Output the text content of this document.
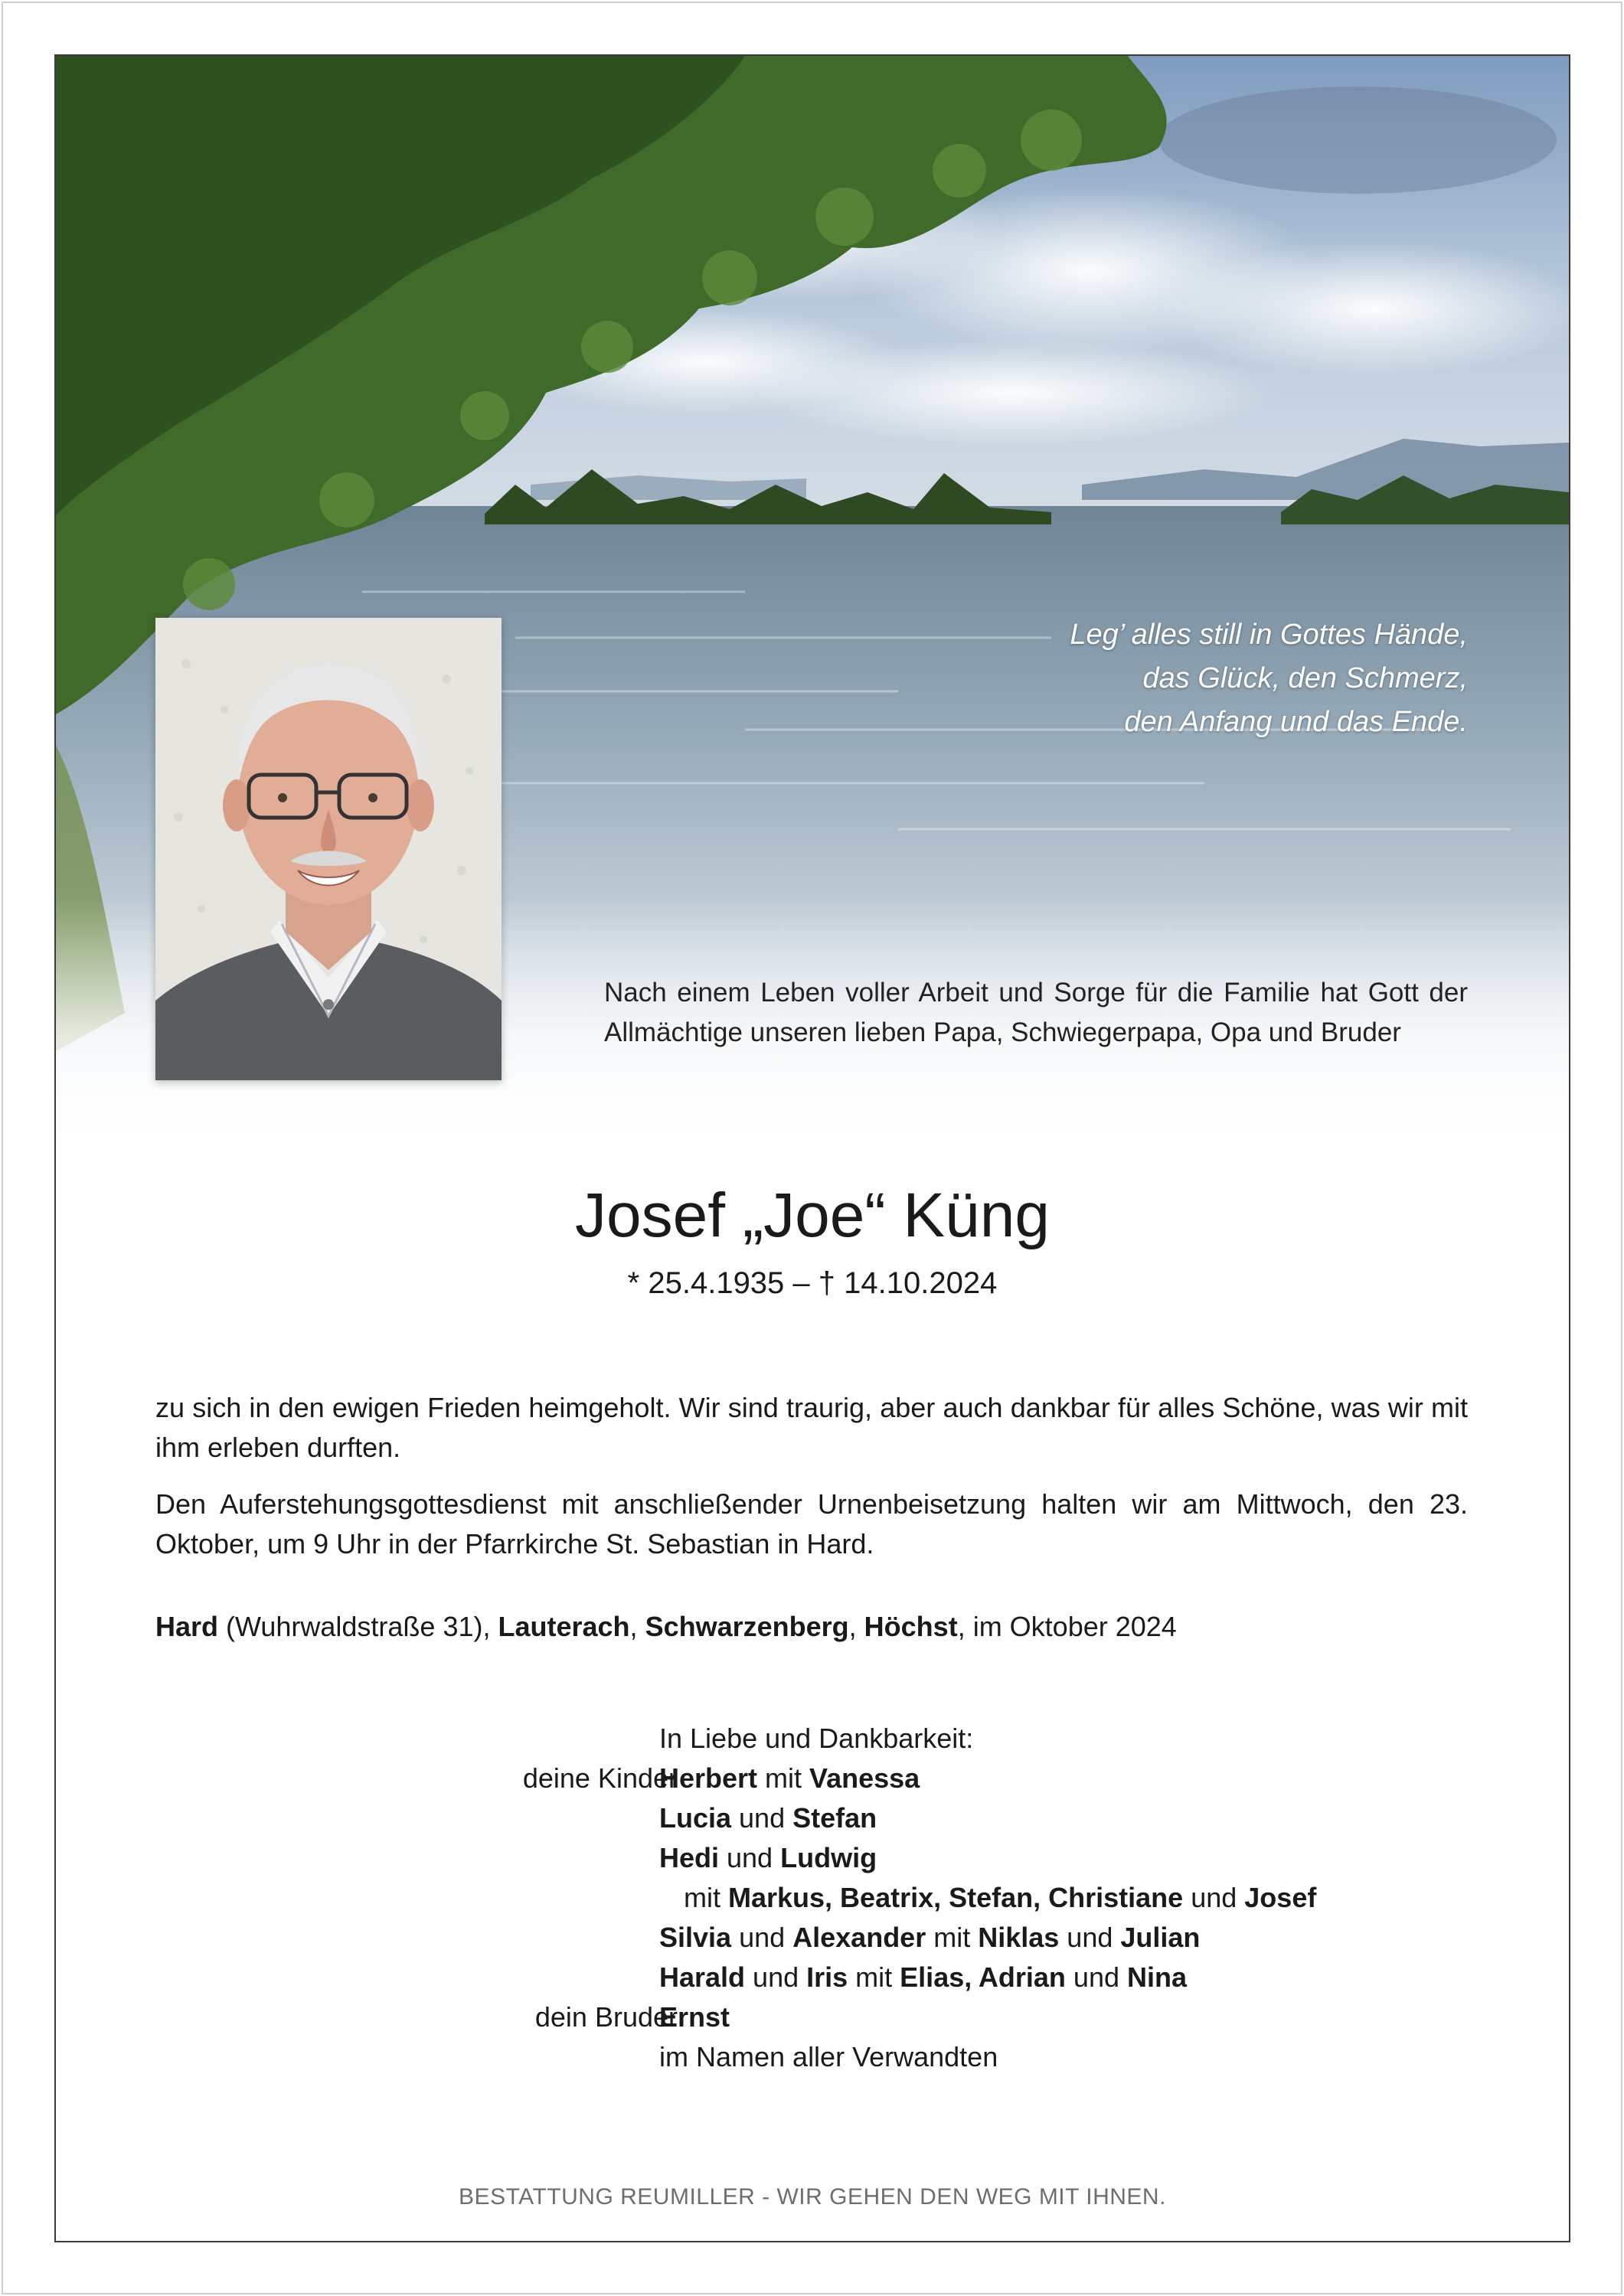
Leg’ alles still in Gottes Hände,
das Glück, den Schmerz,
den Anfang und das Ende.
Nach einem Leben voller Arbeit und Sorge für die Familie hat Gott der Allmächtige unseren lieben Papa, Schwiegerpapa, Opa und Bruder
Josef „Joe“ Küng
* 25.4.1935 – † 14.10.2024
zu sich in den ewigen Frieden heimgeholt. Wir sind traurig, aber auch dankbar für alles Schöne, was wir mit ihm erleben durften.
Den Auferstehungsgottesdienst mit anschließender Urnenbeisetzung halten wir am Mittwoch, den 23. Oktober, um 9 Uhr in der Pfarrkirche St. Sebastian in Hard.
Hard (Wuhrwaldstraße 31), Lauterach, Schwarzenberg, Höchst, im Oktober 2024
In Liebe und Dankbarkeit:
deine Kinder
Herbert mit Vanessa
Lucia und Stefan
Hedi und Ludwig
mit Markus, Beatrix, Stefan, Christiane und Josef
Silvia und Alexander mit Niklas und Julian
Harald und Iris mit Elias, Adrian und Nina
dein Bruder
Ernst
im Namen aller Verwandten
BESTATTUNG REUMILLER - WIR GEHEN DEN WEG MIT IHNEN.
